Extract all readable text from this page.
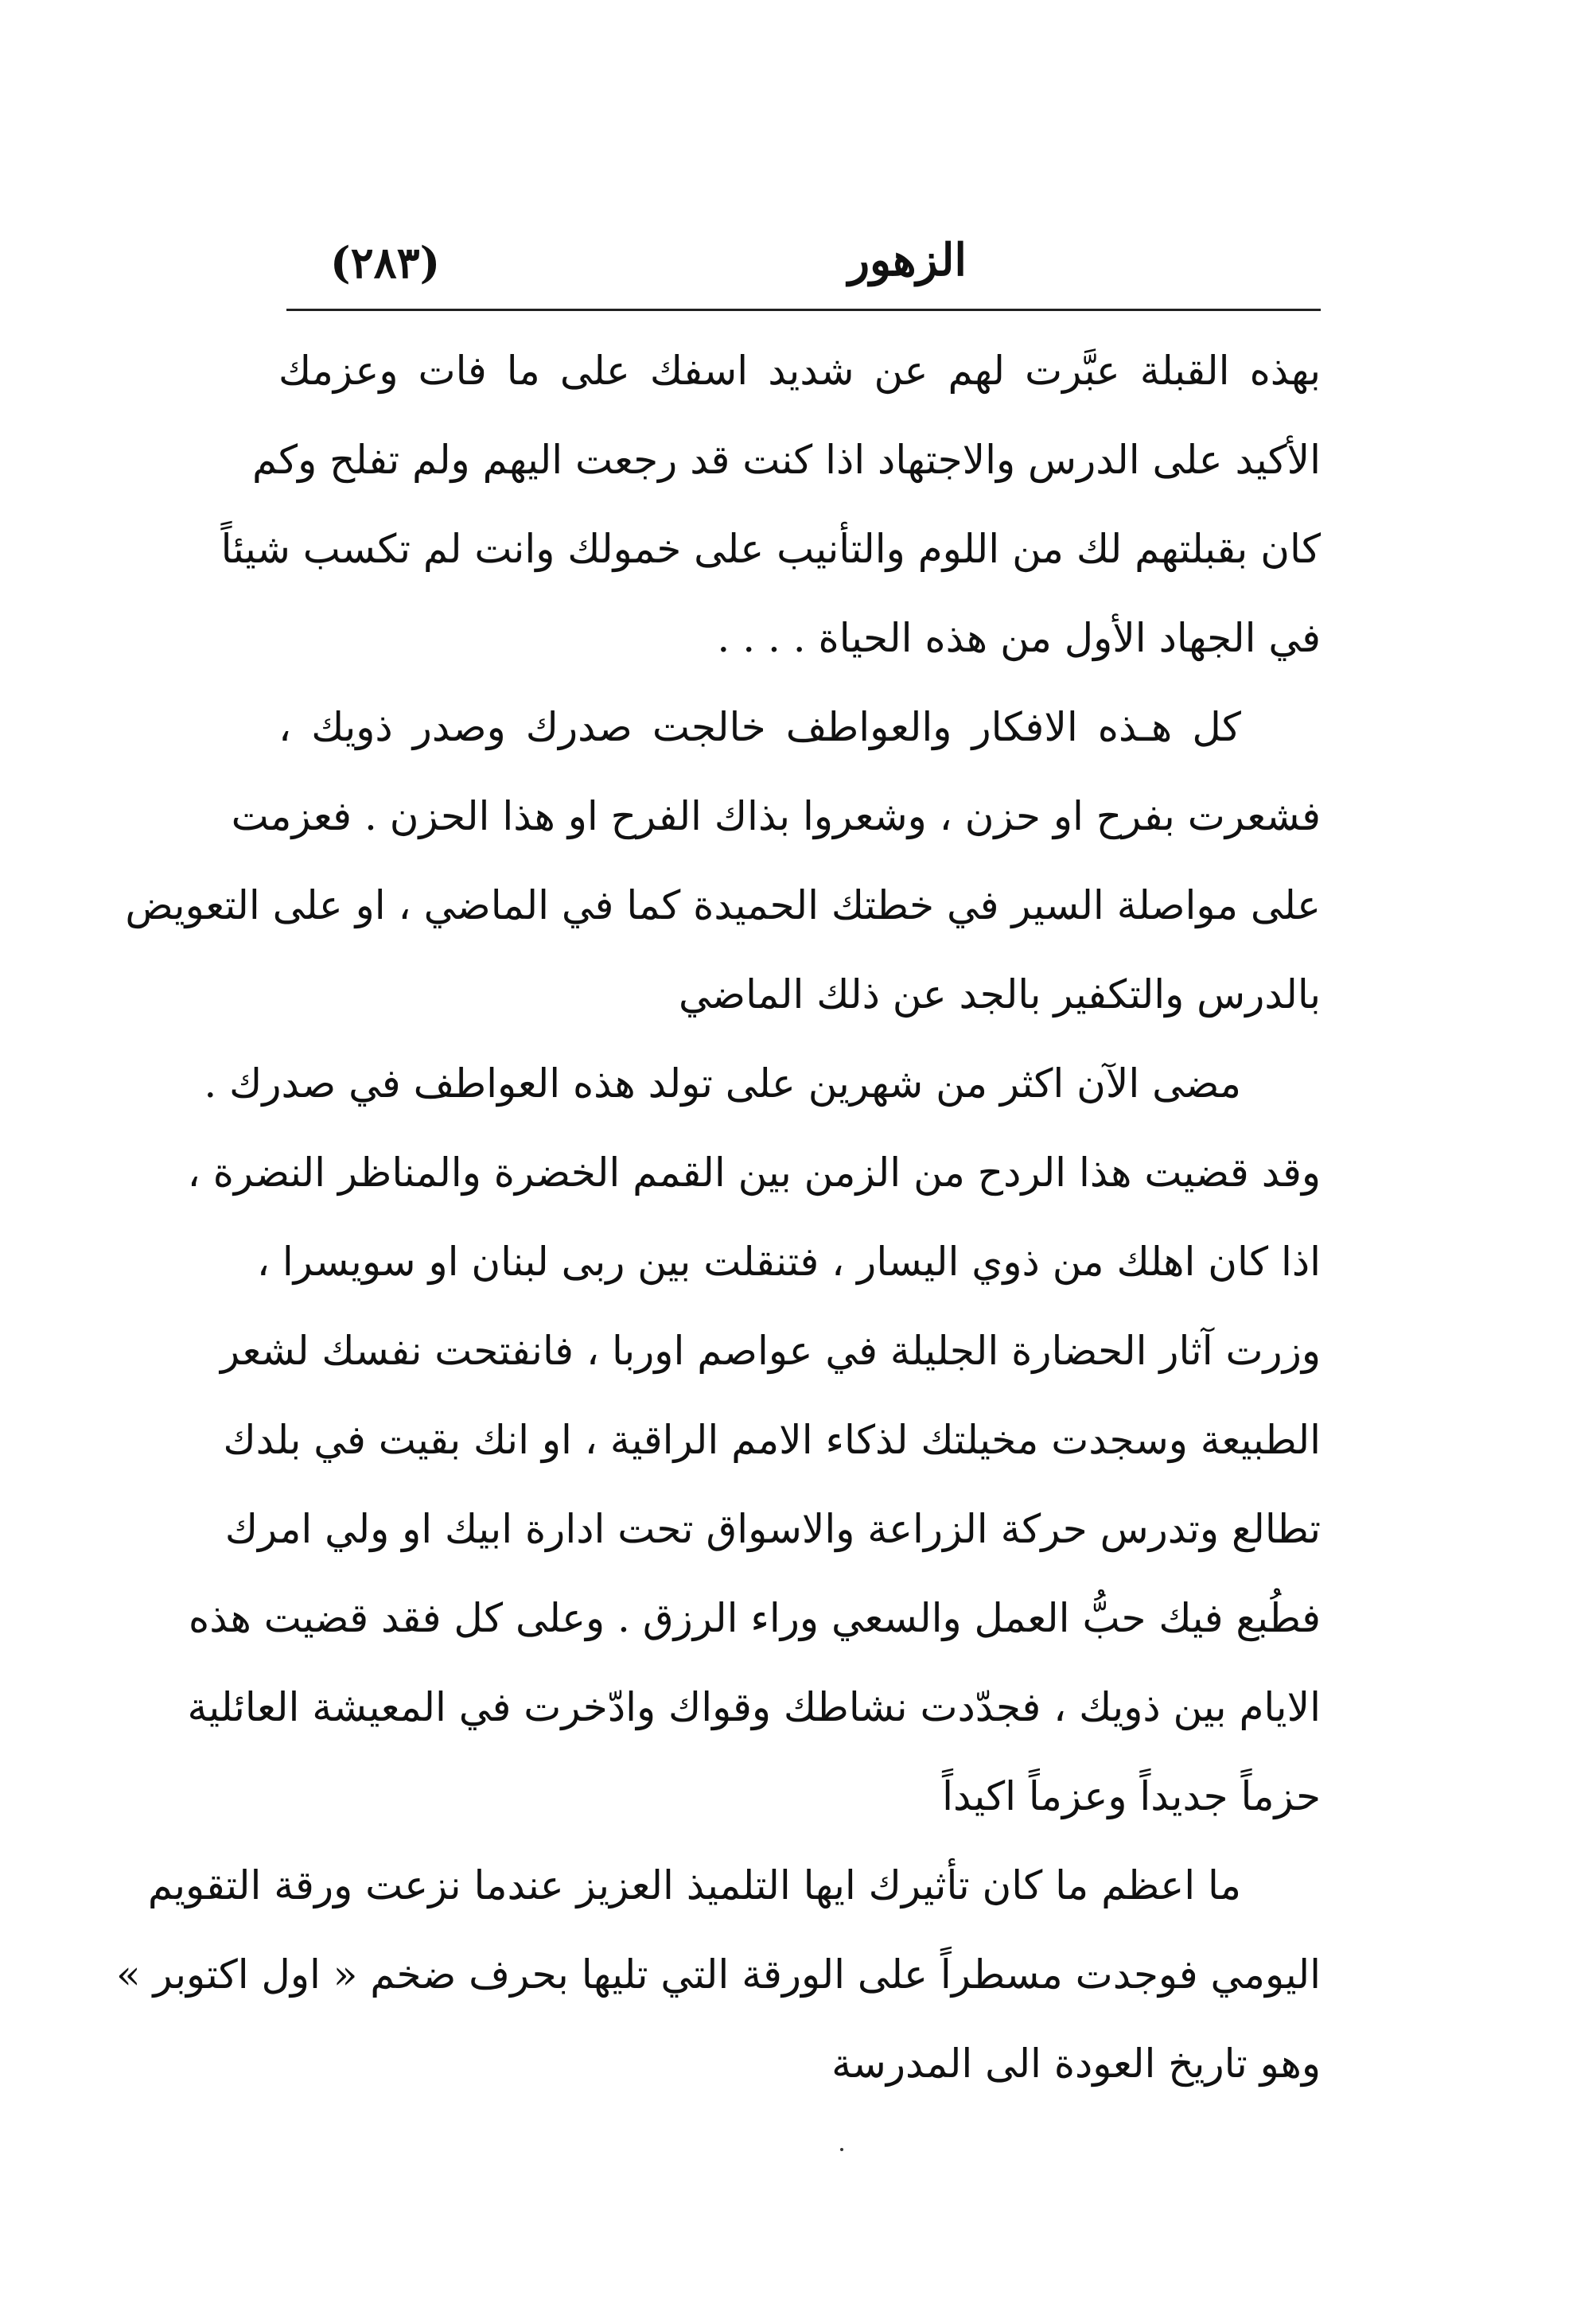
الزهور
(٢٨٣)
بهذه القبلة عبَّرت لهم عن شديد اسفك على ما فات وعزمك
الأكيد على الدرس والاجتهاد اذا كنت قد رجعت اليهم ولم تفلح وكم
كان بقبلتهم لك من اللوم والتأنيب على خمولك وانت لم تكسب شيئاً
في الجهاد الأول من هذه الحياة . . . .
كل هـذه الافكار والعواطف خالجت صدرك وصدر ذويك ،
فشعرت بفرح او حزن ، وشعروا بذاك الفرح او هذا الحزن . فعزمت
على مواصلة السير في خطتك الحميدة كما في الماضي ، او على التعويض
بالدرس والتكفير بالجد عن ذلك الماضي
مضى الآن اكثر من شهرين على تولد هذه العواطف في صدرك .
وقد قضيت هذا الردح من الزمن بين القمم الخضرة والمناظر النضرة ،
اذا كان اهلك من ذوي اليسار ، فتنقلت بين ربى لبنان او سويسرا ،
وزرت آثار الحضارة الجليلة في عواصم اوربا ، فانفتحت نفسك لشعر
الطبيعة وسجدت مخيلتك لذكاء الامم الراقية ، او انك بقيت في بلدك
تطالع وتدرس حركة الزراعة والاسواق تحت ادارة ابيك او ولي امرك
فطُبع فيك حبُّ العمل والسعي وراء الرزق . وعلى كل فقد قضيت هذه
الايام بين ذويك ، فجدّدت نشاطك وقواك وادّخرت في المعيشة العائلية
حزماً جديداً وعزماً اكيداً
ما اعظم ما كان تأثيرك ايها التلميذ العزيز عندما نزعت ورقة التقويم
اليومي فوجدت مسطراً على الورقة التي تليها بحرف ضخم « اول اكتوبر »
وهو تاريخ العودة الى المدرسة
